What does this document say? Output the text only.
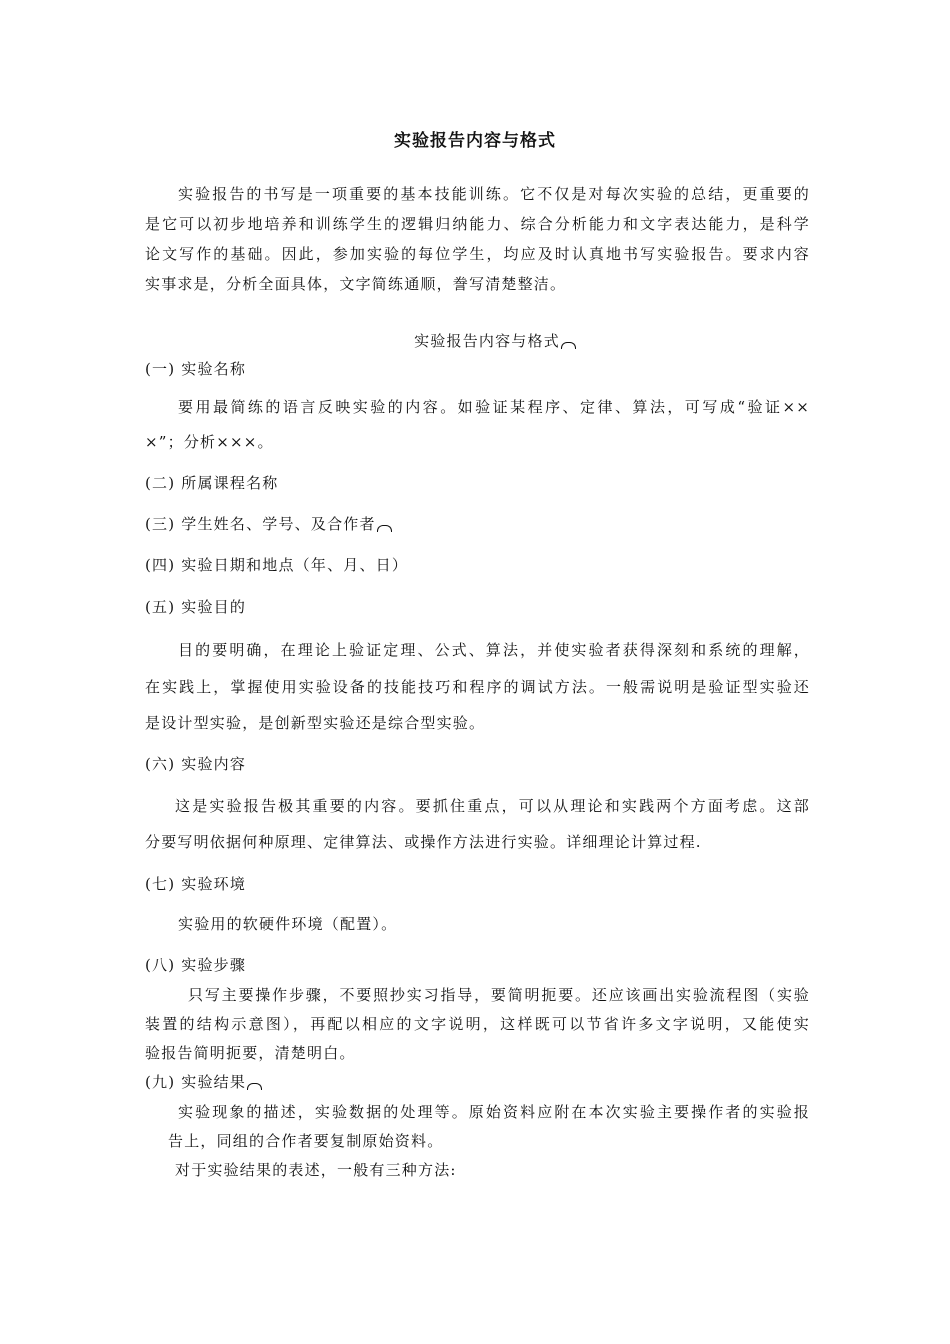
实验报告内容与格式
实验报告的书写是一项重要的基本技能训练。它不仅是对每次实验的总结，更重要的
是它可以初步地培养和训练学生的逻辑归纳能力、综合分析能力和文字表达能力，是科学
论文写作的基础。因此，参加实验的每位学生，均应及时认真地书写实验报告。要求内容
实事求是，分析全面具体，文字简练通顺，誊写清楚整洁。
实验报告内容与格式
(一) 实验名称
要用最简练的语言反映实验的内容。如验证某程序、定律、算法，可写成“验证××
×”；分析×××。
(二) 所属课程名称
(三) 学生姓名、学号、及合作者
(四) 实验日期和地点（年、月、日）
(五) 实验目的
目的要明确，在理论上验证定理、公式、算法，并使实验者获得深刻和系统的理解，
在实践上，掌握使用实验设备的技能技巧和程序的调试方法。一般需说明是验证型实验还
是设计型实验，是创新型实验还是综合型实验。
(六) 实验内容
这是实验报告极其重要的内容。要抓住重点，可以从理论和实践两个方面考虑。这部
分要写明依据何种原理、定律算法、或操作方法进行实验。详细理论计算过程.
(七) 实验环境
实验用的软硬件环境（配置）。
(八) 实验步骤
只写主要操作步骤，不要照抄实习指导，要简明扼要。还应该画出实验流程图（实验
装置的结构示意图），再配以相应的文字说明，这样既可以节省许多文字说明，又能使实
验报告简明扼要，清楚明白。
(九) 实验结果
实验现象的描述，实验数据的处理等。原始资料应附在本次实验主要操作者的实验报
告上，同组的合作者要复制原始资料。
对于实验结果的表述，一般有三种方法:
